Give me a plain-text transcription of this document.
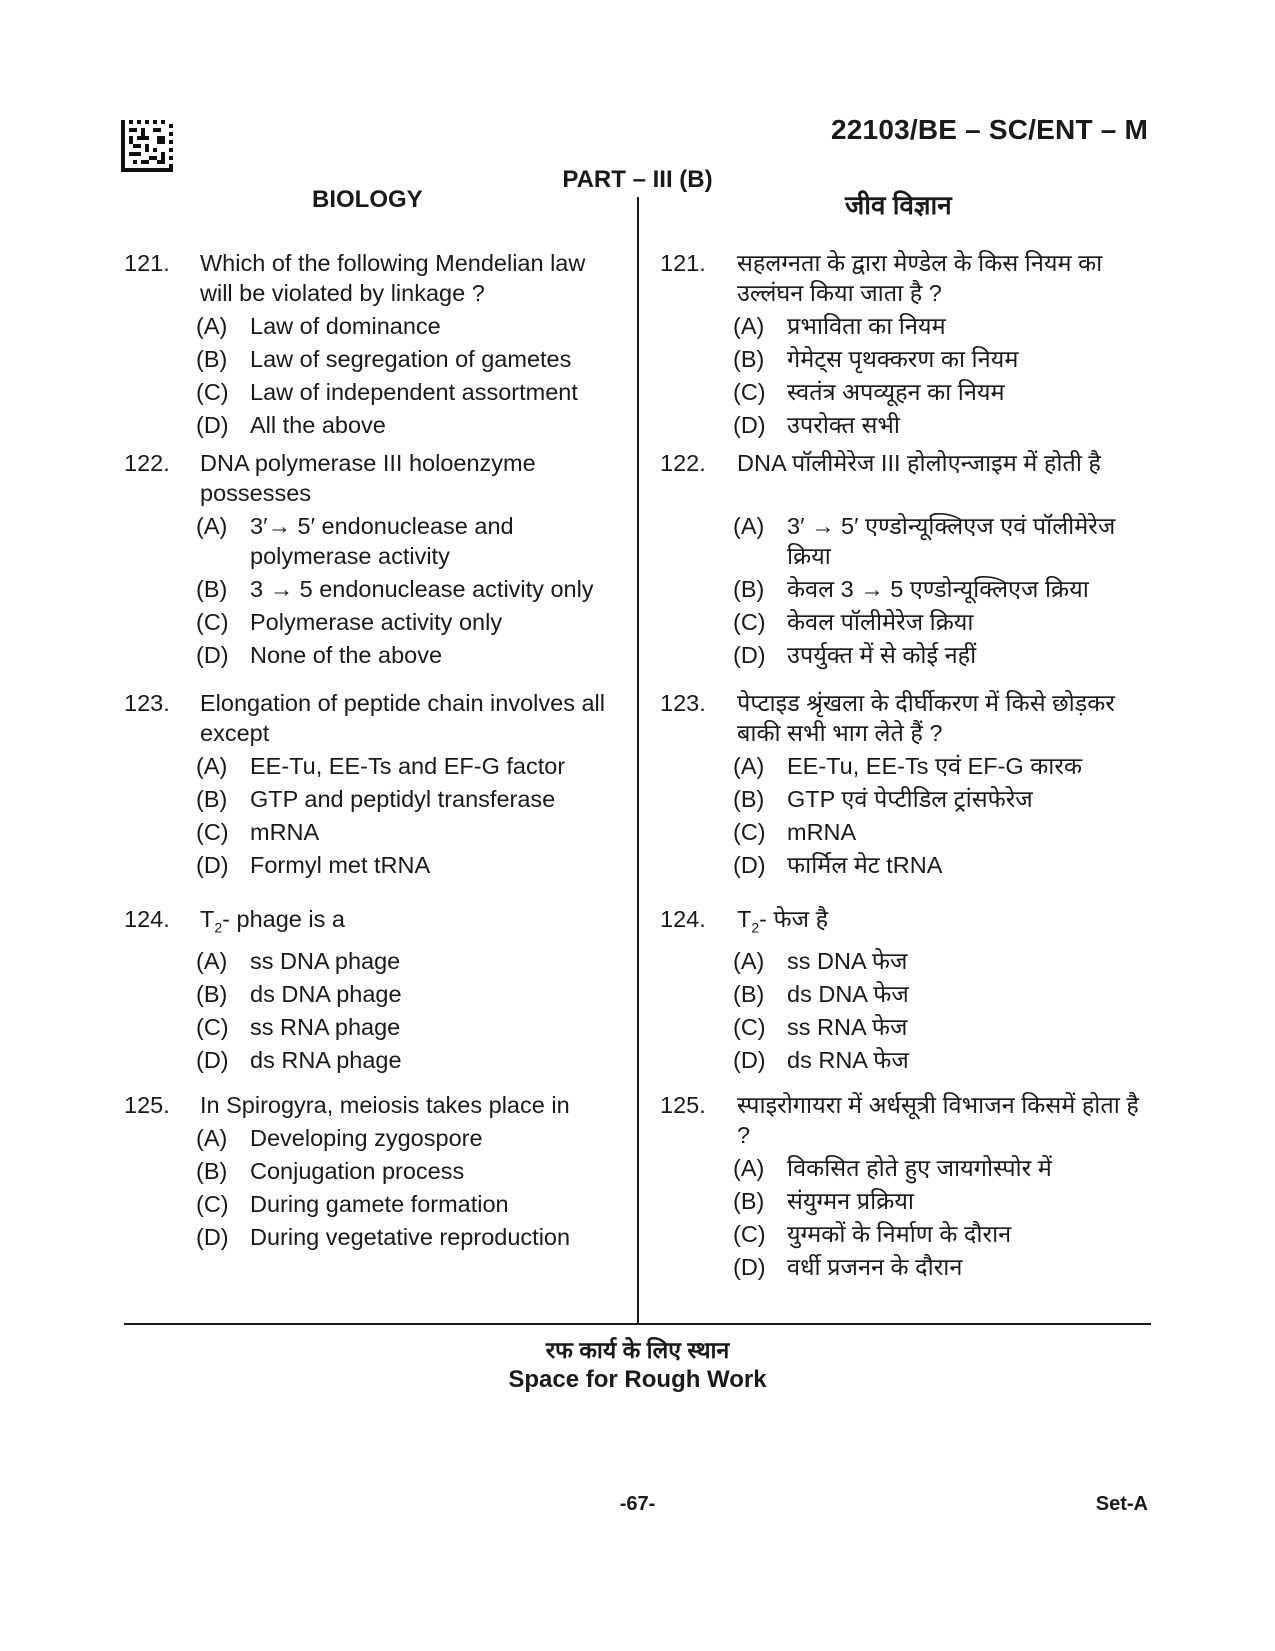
22103/BE – SC/ENT – M
PART – III (B)
BIOLOGY	जीव विज्ञान
121. Which of the following Mendelian law will be violated by linkage ?
(A) Law of dominance
(B) Law of segregation of gametes
(C) Law of independent assortment
(D) All the above
122. DNA polymerase III holoenzyme possesses
(A) 3′→ 5′ endonuclease and polymerase activity
(B) 3 → 5 endonuclease activity only
(C) Polymerase activity only
(D) None of the above
123. Elongation of peptide chain involves all except
(A) EE-Tu, EE-Ts and EF-G factor
(B) GTP and peptidyl transferase
(C) mRNA
(D) Formyl met tRNA
124. $T_2-$ phage is a
(A) ss DNA phage
(B) ds DNA phage
(C) ss RNA phage
(D) ds RNA phage
125. In Spirogyra, meiosis takes place in
(A) Developing zygospore
(B) Conjugation process
(C) During gamete formation
(D) During vegetative reproduction
121. सहलग्नता के द्वारा मेण्डेल के किस नियम का उल्लंघन किया जाता है ?
(A) प्रभाविता का नियम
(B) गेमेट्स पृथक्करण का नियम
(C) स्वतंत्र अपव्यूहन का नियम
(D) उपरोक्त सभी
122. DNA पॉलीमेरेज III होलोएन्जाइम में होती है
(A) 3′ → 5′ एण्डोन्यूक्लिएज एवं पॉलीमेरेज क्रिया
(B) केवल 3 → 5 एण्डोन्यूक्लिएज क्रिया
(C) केवल पॉलीमेरेज क्रिया
(D) उपर्युक्त में से कोई नहीं
123. पेप्टाइड श्रृंखला के दीर्घीकरण में किसे छोड़कर बाकी सभी भाग लेते हैं ?
(A) EE-Tu, EE-Ts एवं EF-G कारक
(B) GTP एवं पेप्टीडिल ट्रांसफेरेज
(C) mRNA
(D) फार्मिल मेट tRNA
124. $T_2-$ फेज है
(A) ss DNA फेज
(B) ds DNA फेज
(C) ss RNA फेज
(D) ds RNA फेज
125. स्पाइरोगायरा में अर्धसूत्री विभाजन किसमें होता है ?
(A) विकसित होते हुए जायगोस्पोर में
(B) संयुग्मन प्रक्रिया
(C) युग्मकों के निर्माण के दौरान
(D) वर्धी प्रजनन के दौरान
रफ कार्य के लिए स्थान
Space for Rough Work
-67-	Set-A
